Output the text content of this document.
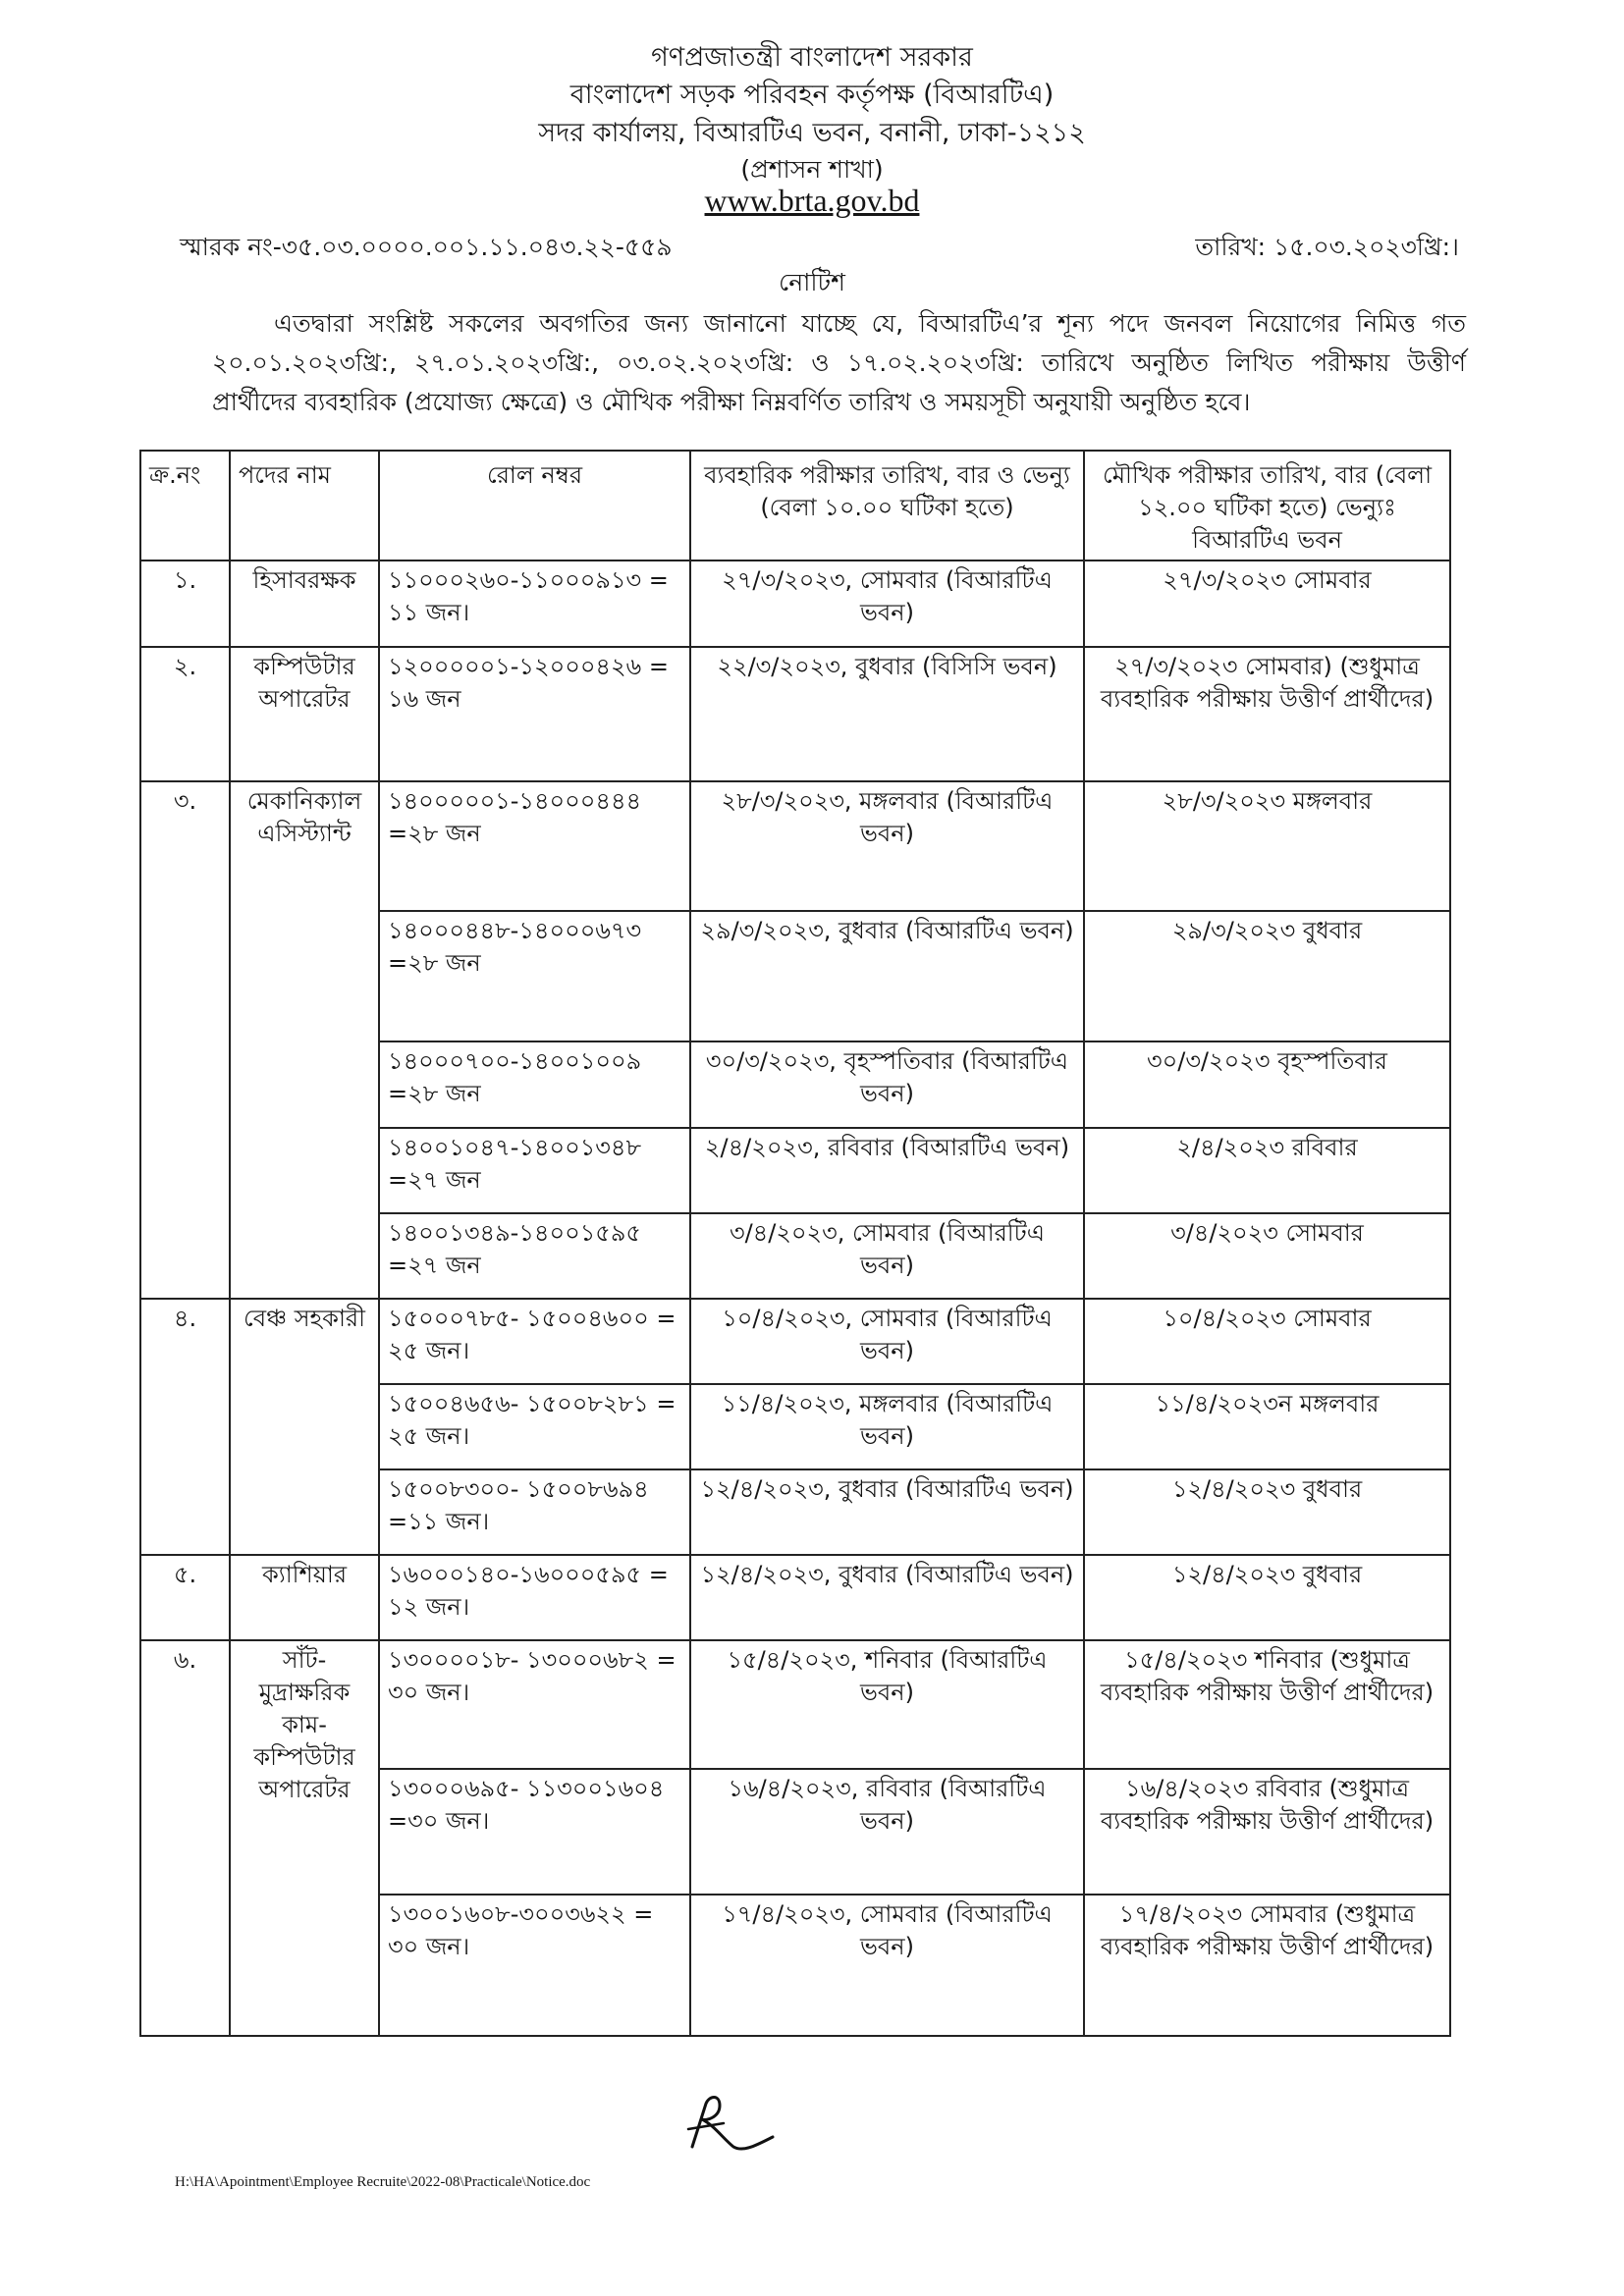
গণপ্রজাতন্ত্রী বাংলাদেশ সরকার
বাংলাদেশ সড়ক পরিবহন কর্তৃপক্ষ (বিআরটিএ)
সদর কার্যালয়, বিআরটিএ ভবন, বনানী, ঢাকা-১২১২
(প্রশাসন শাখা)
www.brta.gov.bd
স্মারক নং-৩৫.০৩.০০০০.০০১.১১.০৪৩.২২-৫৫৯	তারিখ: ১৫.০৩.২০২৩খ্রি:।
নোটিশ
এতদ্বারা সংশ্লিষ্ট সকলের অবগতির জন্য জানানো যাচ্ছে যে, বিআরটিএ’র শূন্য পদে জনবল নিয়োগের নিমিত্ত গত ২০.০১.২০২৩খ্রি:, ২৭.০১.২০২৩খ্রি:, ০৩.০২.২০২৩খ্রি: ও ১৭.০২.২০২৩খ্রি: তারিখে অনুষ্ঠিত লিখিত পরীক্ষায় উত্তীর্ণ প্রার্থীদের ব্যবহারিক (প্রযোজ্য ক্ষেত্রে) ও মৌখিক পরীক্ষা নিম্নবর্ণিত তারিখ ও সময়সূচী অনুযায়ী অনুষ্ঠিত হবে।
ক্র.নং	পদের নাম	রোল নম্বর	ব্যবহারিক পরীক্ষার তারিখ, বার ও ভেন্যু (বেলা ১০.০০ ঘটিকা হতে)	মৌখিক পরীক্ষার তারিখ, বার (বেলা ১২.০০ ঘটিকা হতে) ভেন্যুঃ বিআরটিএ ভবন
১.	হিসাবরক্ষক	১১০০০২৬০-১১০০০৯১৩ = ১১ জন।	২৭/৩/২০২৩, সোমবার (বিআরটিএ ভবন)	২৭/৩/২০২৩ সোমবার
২.	কম্পিউটার অপারেটর	১২০০০০০১-১২০০০৪২৬ = ১৬ জন	২২/৩/২০২৩, বুধবার (বিসিসি ভবন)	২৭/৩/২০২৩ সোমবার) (শুধুমাত্র ব্যবহারিক পরীক্ষায় উত্তীর্ণ প্রার্থীদের)
৩.	মেকানিক্যাল এসিস্ট্যান্ট	১৪০০০০০১-১৪০০০৪৪৪ =২৮ জন	২৮/৩/২০২৩, মঙ্গলবার (বিআরটিএ ভবন)	২৮/৩/২০২৩ মঙ্গলবার
		১৪০০০৪৪৮-১৪০০০৬৭৩ =২৮ জন	২৯/৩/২০২৩, বুধবার (বিআরটিএ ভবন)	২৯/৩/২০২৩ বুধবার
		১৪০০০৭০০-১৪০০১০০৯ =২৮ জন	৩০/৩/২০২৩, বৃহস্পতিবার (বিআরটিএ ভবন)	৩০/৩/২০২৩ বৃহস্পতিবার
		১৪০০১০৪৭-১৪০০১৩৪৮ =২৭ জন	২/৪/২০২৩, রবিবার (বিআরটিএ ভবন)	২/৪/২০২৩ রবিবার
		১৪০০১৩৪৯-১৪০০১৫৯৫ =২৭ জন	৩/৪/২০২৩, সোমবার (বিআরটিএ ভবন)	৩/৪/২০২৩ সোমবার
৪.	বেঞ্চ সহকারী	১৫০০০৭৮৫- ১৫০০৪৬০০ = ২৫ জন।	১০/৪/২০২৩, সোমবার (বিআরটিএ ভবন)	১০/৪/২০২৩ সোমবার
		১৫০০৪৬৫৬- ১৫০০৮২৮১ = ২৫ জন।	১১/৪/২০২৩, মঙ্গলবার (বিআরটিএ ভবন)	১১/৪/২০২৩ন মঙ্গলবার
		১৫০০৮৩০০- ১৫০০৮৬৯৪ =১১ জন।	১২/৪/২০২৩, বুধবার (বিআরটিএ ভবন)	১২/৪/২০২৩ বুধবার
৫.	ক্যাশিয়ার	১৬০০০১৪০-১৬০০০৫৯৫ = ১২ জন।	১২/৪/২০২৩, বুধবার (বিআরটিএ ভবন)	১২/৪/২০২৩ বুধবার
৬.	সাঁট-মুদ্রাক্ষরিক কাম-কম্পিউটার অপারেটর	১৩০০০০১৮- ১৩০০০৬৮২ = ৩০ জন।	১৫/৪/২০২৩, শনিবার (বিআরটিএ ভবন)	১৫/৪/২০২৩ শনিবার (শুধুমাত্র ব্যবহারিক পরীক্ষায় উত্তীর্ণ প্রার্থীদের)
		১৩০০০৬৯৫- ১১৩০০১৬০৪ =৩০ জন।	১৬/৪/২০২৩, রবিবার (বিআরটিএ ভবন)	১৬/৪/২০২৩ রবিবার (শুধুমাত্র ব্যবহারিক পরীক্ষায় উত্তীর্ণ প্রার্থীদের)
		১৩০০১৬০৮-৩০০৩৬২২ = ৩০ জন।	১৭/৪/২০২৩, সোমবার (বিআরটিএ ভবন)	১৭/৪/২০২৩ সোমবার (শুধুমাত্র ব্যবহারিক পরীক্ষায় উত্তীর্ণ প্রার্থীদের)
H:\HA\Apointment\Employee Recruite\2022-08\Practicale\Notice.doc
